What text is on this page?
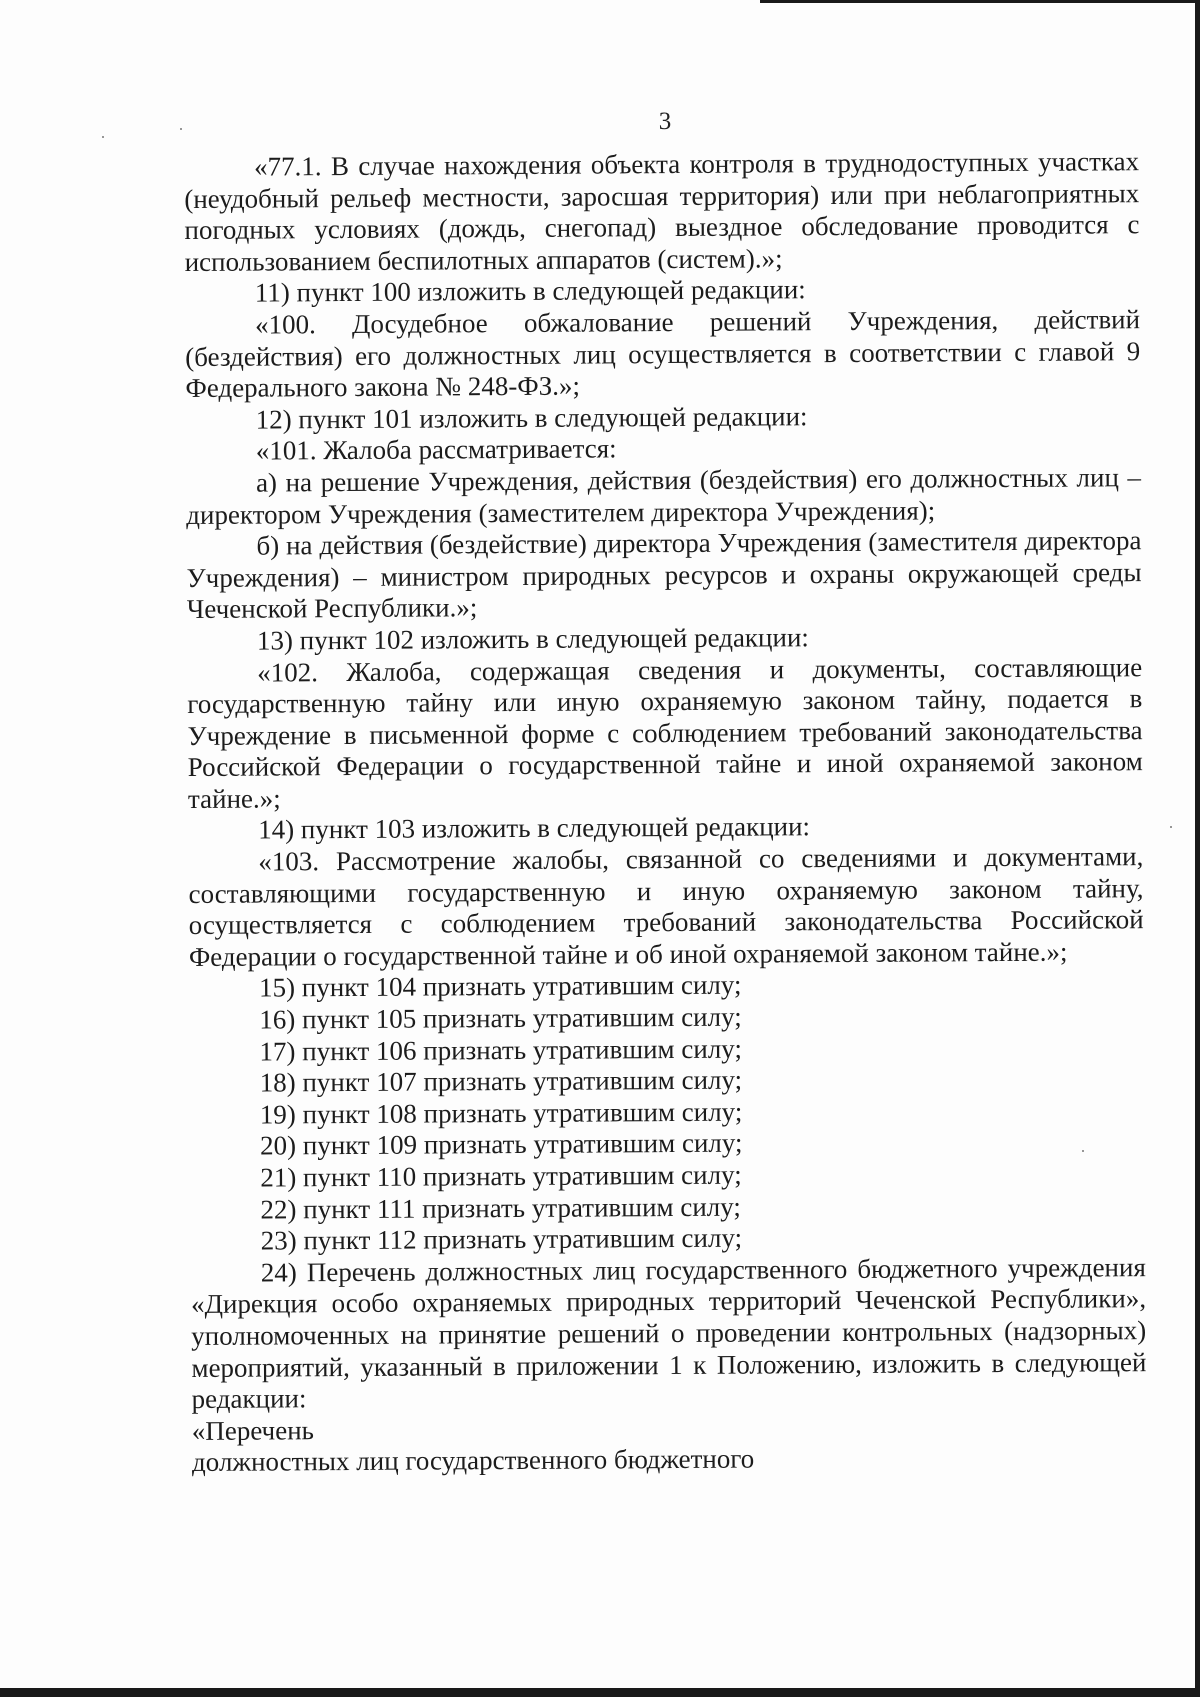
3

«77.1. В случае нахождения объекта контроля в труднодоступных участках (неудобный рельеф местности, заросшая территория) или при неблагоприятных погодных условиях (дождь, снегопад) выездное обследование проводится с использованием беспилотных аппаратов (систем).»;

11) пункт 100 изложить в следующей редакции:

«100. Досудебное обжалование решений Учреждения, действий (бездействия) его должностных лиц осуществляется в соответствии с главой 9 Федерального закона № 248-ФЗ.»;

12) пункт 101 изложить в следующей редакции:

«101. Жалоба рассматривается:

а) на решение Учреждения, действия (бездействия) его должностных лиц – директором Учреждения (заместителем директора Учреждения);

б) на действия (бездействие) директора Учреждения (заместителя директора Учреждения) – министром природных ресурсов и охраны окружающей среды Чеченской Республики.»;

13) пункт 102 изложить в следующей редакции:

«102. Жалоба, содержащая сведения и документы, составляющие государственную тайну или иную охраняемую законом тайну, подается в Учреждение в письменной форме с соблюдением требований законодательства Российской Федерации о государственной тайне и иной охраняемой законом тайне.»;

14) пункт 103 изложить в следующей редакции:

«103. Рассмотрение жалобы, связанной со сведениями и документами, составляющими государственную и иную охраняемую законом тайну, осуществляется с соблюдением требований законодательства Российской Федерации о государственной тайне и об иной охраняемой законом тайне.»;

15) пункт 104 признать утратившим силу;

16) пункт 105 признать утратившим силу;

17) пункт 106 признать утратившим силу;

18) пункт 107 признать утратившим силу;

19) пункт 108 признать утратившим силу;

20) пункт 109 признать утратившим силу;

21) пункт 110 признать утратившим силу;

22) пункт 111 признать утратившим силу;

23) пункт 112 признать утратившим силу;

24) Перечень должностных лиц государственного бюджетного учреждения «Дирекция особо охраняемых природных территорий Чеченской Республики», уполномоченных на принятие решений о проведении контрольных (надзорных) мероприятий, указанный в приложении 1 к Положению, изложить в следующей редакции:

«Перечень

должностных лиц государственного бюджетного
